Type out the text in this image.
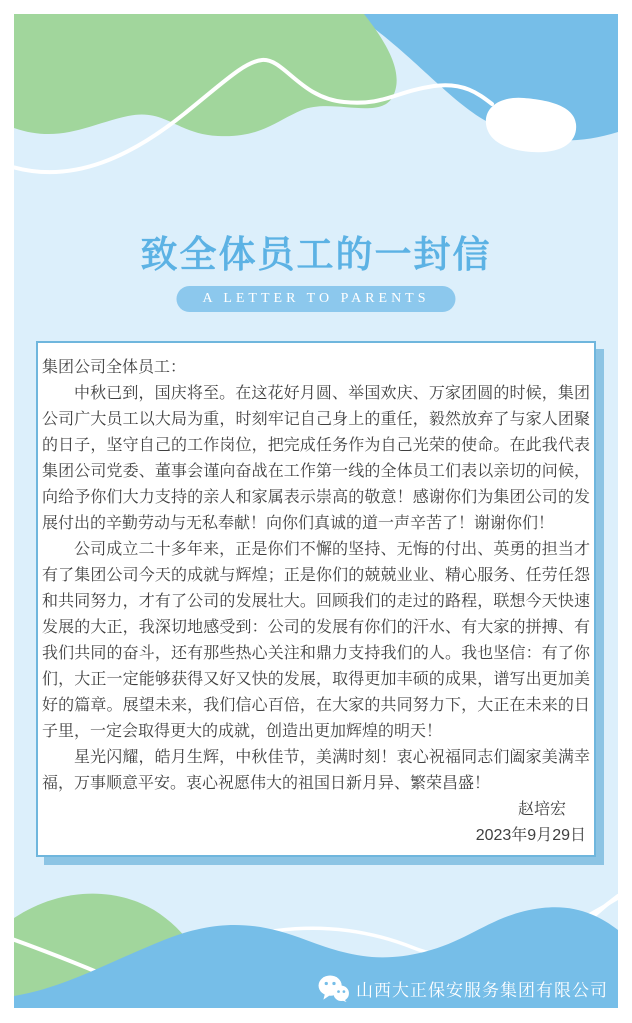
致全体员工的一封信
A LETTER TO PARENTS

集团公司全体员工：

中秋已到，国庆将至。在这花好月圆、举国欢庆、万家团圆的时候，集团公司广大员工以大局为重，时刻牢记自己身上的重任，毅然放弃了与家人团聚的日子，坚守自己的工作岗位，把完成任务作为自己光荣的使命。在此我代表集团公司党委、董事会谨向奋战在工作第一线的全体员工们表以亲切的问候，向给予你们大力支持的亲人和家属表示崇高的敬意！感谢你们为集团公司的发展付出的辛勤劳动与无私奉献！向你们真诚的道一声辛苦了！谢谢你们！

公司成立二十多年来，正是你们不懈的坚持、无悔的付出、英勇的担当才有了集团公司今天的成就与辉煌；正是你们的兢兢业业、精心服务、任劳任怨和共同努力，才有了公司的发展壮大。回顾我们的走过的路程，联想今天快速发展的大正，我深切地感受到：公司的发展有你们的汗水、有大家的拼搏、有我们共同的奋斗，还有那些热心关注和鼎力支持我们的人。我也坚信：有了你们，大正一定能够获得又好又快的发展，取得更加丰硕的成果，谱写出更加美好的篇章。展望未来，我们信心百倍，在大家的共同努力下，大正在未来的日子里，一定会取得更大的成就，创造出更加辉煌的明天！

星光闪耀，皓月生辉，中秋佳节，美满时刻！衷心祝福同志们阖家美满幸福，万事顺意平安。衷心祝愿伟大的祖国日新月异、繁荣昌盛！

赵培宏

2023年9月29日

山西大正保安服务集团有限公司
